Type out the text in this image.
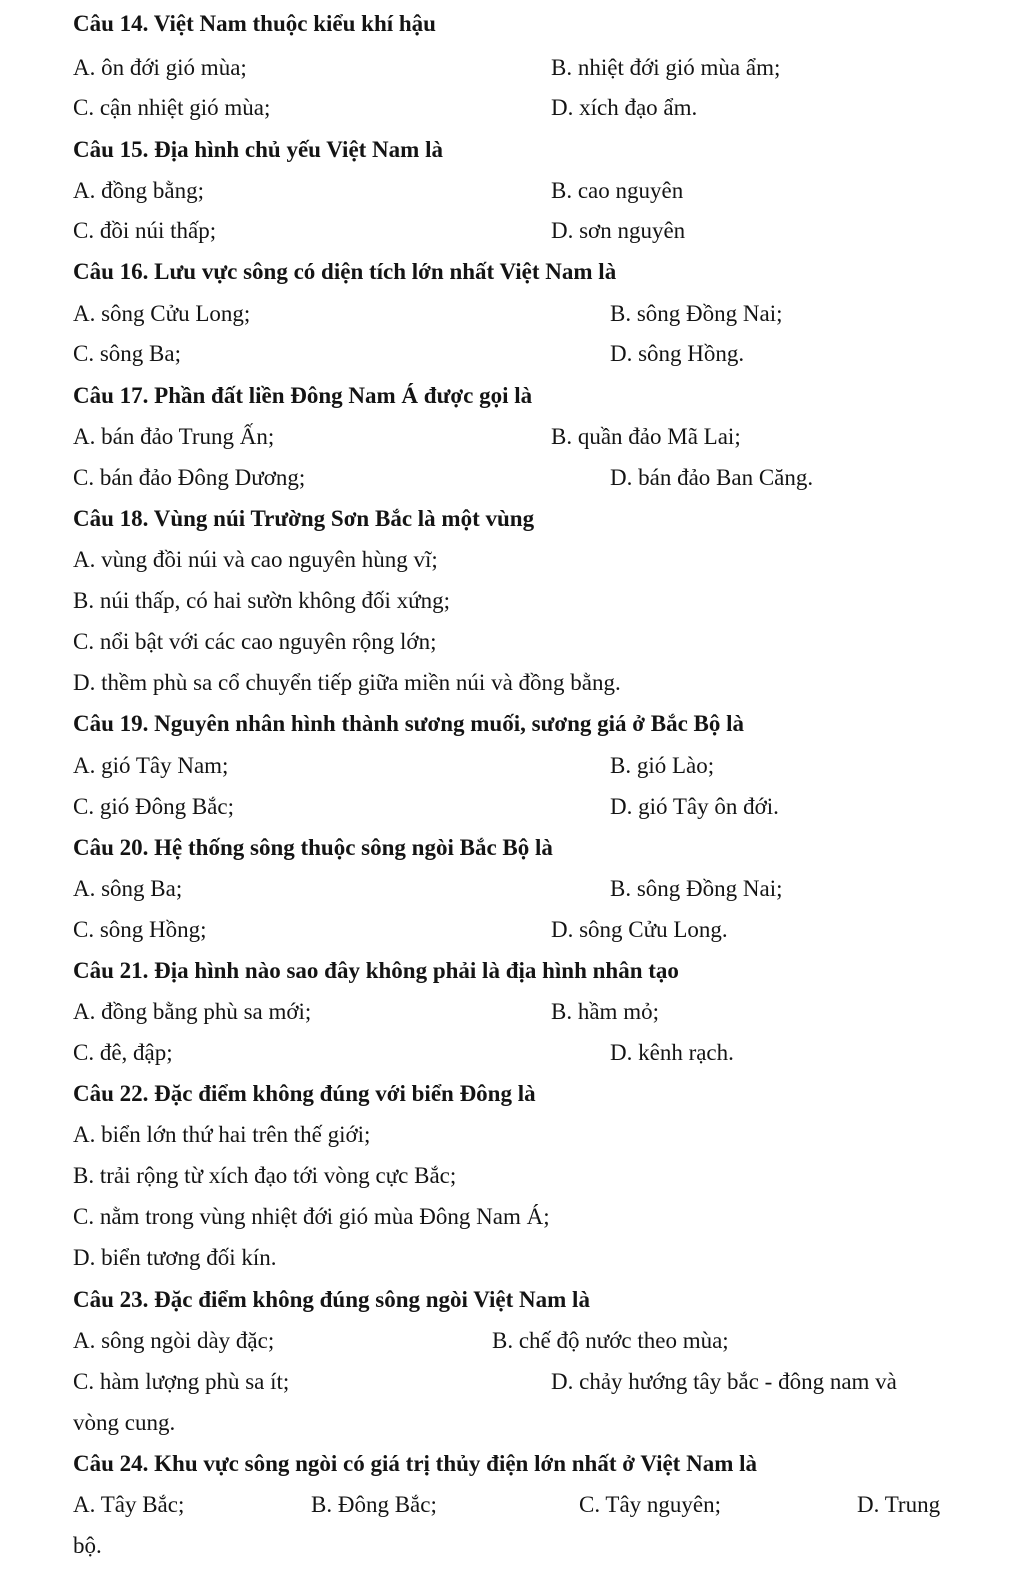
Câu 14. Việt Nam thuộc kiểu khí hậu
A. ôn đới gió mùa;	B. nhiệt đới gió mùa ẩm;
C. cận nhiệt gió mùa;	D. xích đạo ẩm.
Câu 15. Địa hình chủ yếu Việt Nam là
A. đồng bằng;	B. cao nguyên
C. đồi núi thấp;	D. sơn nguyên
Câu 16. Lưu vực sông có diện tích lớn nhất Việt Nam là
A. sông Cửu Long;	B. sông Đồng Nai;
C. sông Ba;	D. sông Hồng.
Câu 17. Phần đất liền Đông Nam Á được gọi là
A. bán đảo Trung Ấn;	B. quần đảo Mã Lai;
C. bán đảo Đông Dương;	D. bán đảo Ban Căng.
Câu 18. Vùng núi Trường Sơn Bắc là một vùng
A. vùng đồi núi và cao nguyên hùng vĩ;
B. núi thấp, có hai sườn không đối xứng;
C. nổi bật với các cao nguyên rộng lớn;
D. thềm phù sa cổ chuyển tiếp giữa miền núi và đồng bằng.
Câu 19. Nguyên nhân hình thành sương muối, sương giá ở Bắc Bộ là
A. gió Tây Nam;	B. gió Lào;
C. gió Đông Bắc;	D. gió Tây ôn đới.
Câu 20. Hệ thống sông thuộc sông ngòi Bắc Bộ là
A. sông Ba;	B. sông Đồng Nai;
C. sông Hồng;	D. sông Cửu Long.
Câu 21. Địa hình nào sao đây không phải là địa hình nhân tạo
A. đồng bằng phù sa mới;	B. hầm mỏ;
C. đê, đập;	D. kênh rạch.
Câu 22. Đặc điểm không đúng với biển Đông là
A. biển lớn thứ hai trên thế giới;
B. trải rộng từ xích đạo tới vòng cực Bắc;
C. nằm trong vùng nhiệt đới gió mùa Đông Nam Á;
D. biển tương đối kín.
Câu 23. Đặc điểm không đúng sông ngòi Việt Nam là
A. sông ngòi dày đặc;	B. chế độ nước theo mùa;
C. hàm lượng phù sa ít;	D. chảy hướng tây bắc - đông nam và
vòng cung.
Câu 24. Khu vực sông ngòi có giá trị thủy điện lớn nhất ở Việt Nam là
A. Tây Bắc;	B. Đông Bắc;	C. Tây nguyên;	D. Trung
bộ.
